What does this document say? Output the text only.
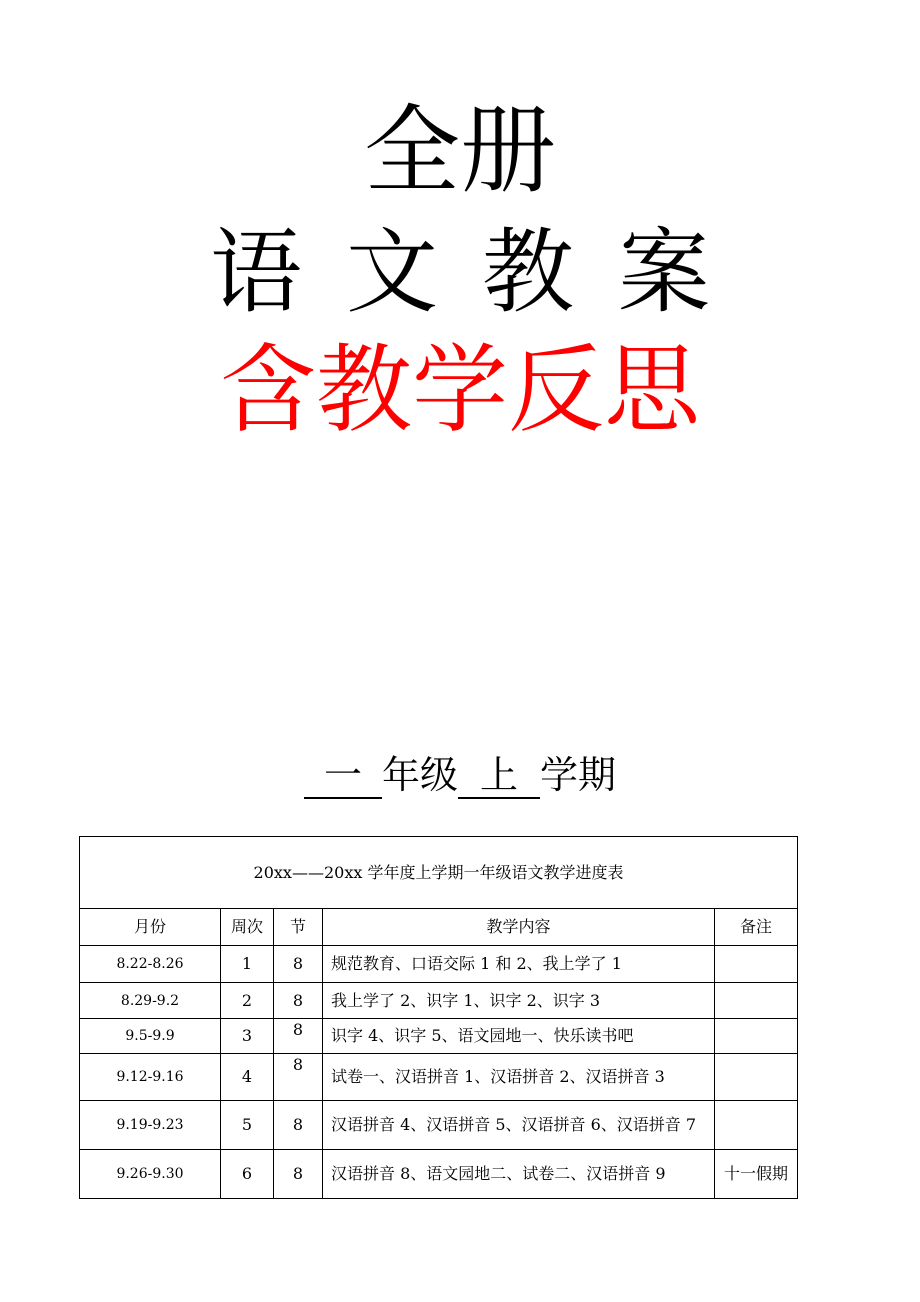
全册
语 文 教 案
含教学反思
一 年级 上 学期
20xx——20xx 学年度上学期一年级语文教学进度表				
月份	周次	节	教学内容	备注
8.22-8.26	1	8	规范教育、口语交际 1 和 2、我上学了 1	
8.29-9.2	2	8	我上学了 2、识字 1、识字 2、识字 3	
9.5-9.9	3	8	识字 4、识字 5、语文园地一、快乐读书吧	
9.12-9.16	4	8	试卷一、汉语拼音 1、汉语拼音 2、汉语拼音 3	
9.19-9.23	5	8	汉语拼音 4、汉语拼音 5、汉语拼音 6、汉语拼音 7	
9.26-9.30	6	8	汉语拼音 8、语文园地二、试卷二、汉语拼音 9	十一假期
